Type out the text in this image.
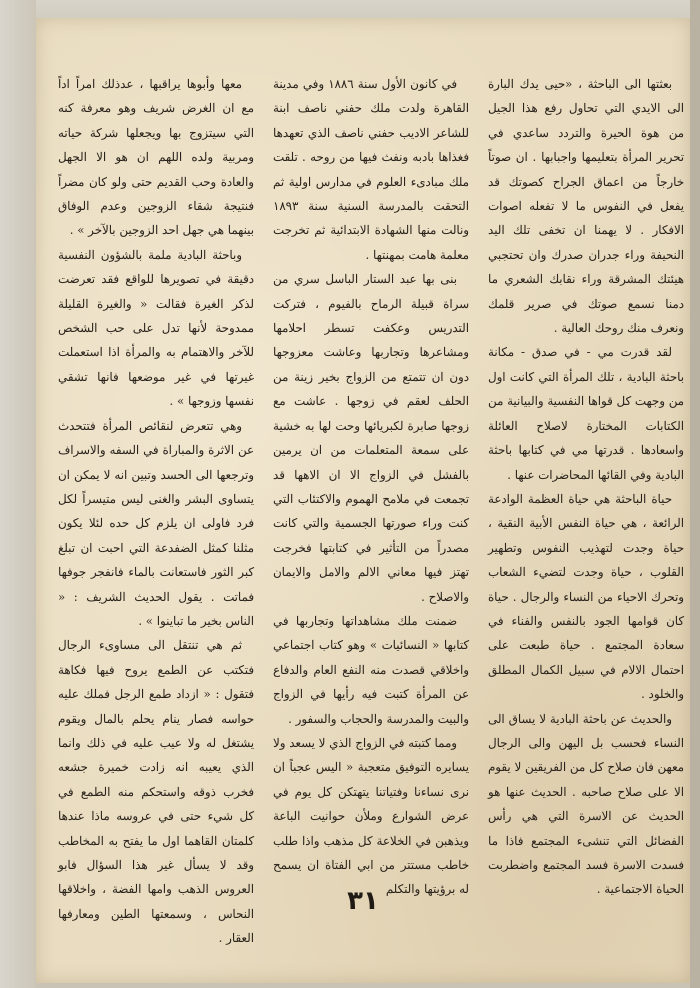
بعثتها الى الباحثة ، «حيى يدك البارة الى الايدي التي تحاول رفع هذا الجيل من هوة الحيرة والتردد ساعدي في تحرير المرأة بتعليمها واجبابها . ان صوتاً خارجاً من اعماق الجراح كصوتك قد يفعل في النفوس ما لا تفعله اصوات الافكار . لا يهمنا ان تخفى تلك اليد النحيفة وراء جدران صدرك وان تحتجبي هيئتك المشرقة وراء نقابك الشعري ما دمنا نسمع صوتك في صرير قلمك ونعرف منك روحك العالية .

لقد قدرت مي - في صدق - مكانة باحثة البادية ، تلك المرأة التي كانت اول من وجهت كل قواها النفسية والبيانية من الكتابات المختارة لاصلاح العائلة واسعادها . قدرتها مي في كتابها باحثة البادية وفي القائها المحاضرات عنها .

حياة الباحثة هي حياة العظمة الوادعة الرائعة ، هي حياة النفس الأبية النقية ، حياة وجدت لتهذيب النفوس وتطهير القلوب ، حياة وجدت لتضيء الشعاب وتحرك الاحياء من النساء والرجال . حياة كان قوامها الجود بالنفس والفناء في سعادة المجتمع . حياة طبعت على احتمال الالام في سبيل الكمال المطلق والخلود .

والحديث عن باحثة البادية لا يساق الى النساء فحسب بل اليهن والى الرجال معهن فان صلاح كل من الفريقين لا يقوم الا على صلاح صاحبه . الحديث عنها هو الحديث عن الاسرة التي هي رأس الفضائل التي تنشىء المجتمع فاذا ما فسدت الاسرة فسد المجتمع واضطربت الحياة الاجتماعية .

في كانون الأول سنة ١٨٨٦ وفي مدينة القاهرة ولدت ملك حفني ناصف ابنة للشاعر الاديب حفني ناصف الذي تعهدها فغذاها بادبه ونفث فيها من روحه . تلقت ملك مبادىء العلوم في مدارس اولية ثم التحقت بالمدرسة السنية سنة ١٨٩٣ ونالت منها الشهادة الابتدائية ثم تخرجت معلمة هامت بمهنتها .

بنى بها عبد الستار الباسل سري من سراة قبيلة الرماح بالفيوم ، فتركت التدريس وعكفت تسطر احلامها ومشاعرها وتجاربها وعاشت معزوجها دون ان تتمتع من الزواج بخير زينة من الحلف لعقم في زوجها . عاشت مع زوجها صابرة لكبريائها وحت لها به خشية على سمعة المتعلمات من ان يرمين بالفشل في الزواج الا ان الاهها قد تجمعت في ملامح الهموم والاكتئاب التي كنت وراء صورتها الجسمية والتي كانت مصدراً من التأثير في كتابتها فخرجت تهتز فيها معاني الالم والامل والايمان والاصلاح .

ضمنت ملك مشاهداتها وتجاربها في كتابها « النسائيات » وهو كتاب اجتماعي واخلاقي قصدت منه النفع العام والدفاع عن المرأة كتبت فيه رأيها في الزواج والبيت والمدرسة والحجاب والسفور .

ومما كتبته في الزواج الذي لا يسعد ولا يسايره التوفيق متعجبة « اليس عجباً ان نرى نساءنا وفتياتنا يتهتكن كل يوم في عرض الشوارع وملأن حوانيت الباعة ويذهبن في الخلاعة كل مذهب واذا طلب خاطب مستتر من ابي الفتاة ان يسمح له برؤيتها والتكلم

معها وأبوها يراقبها ، عدذلك امراً اداً مع ان الغرض شريف وهو معرفة كنه التي سيتزوج بها ويجعلها شركة حياته ومربية ولده اللهم ان هو الا الجهل والعادة وحب القديم حتى ولو كان مضراً فنتيجة شقاء الزوجين وعدم الوفاق بينهما هي جهل احد الزوجين بالآخر » .

وباحثة البادية ملمة بالشؤون النفسية دقيقة في تصويرها للواقع فقد تعرضت لذكر الغيرة فقالت « والغيرة القليلة ممدوحة لأنها تدل على حب الشخص للآخر والاهتمام به والمرأة اذا استعملت غيرتها في غير موضعها فانها تشقي نفسها وزوجها » .

وهي تتعرض لنقائص المرأة فتتحدث عن الاثرة والمباراة في السفه والاسراف وترجعها الى الحسد وتبين انه لا يمكن ان يتساوى البشر والغنى ليس متيسراً لكل فرد فاولى ان يلزم كل حده لئلا يكون مثلنا كمثل الضفدعة التي احبت ان تبلغ كبر الثور فاستعانت بالماء فانفجر جوفها فماتت . يقول الحديث الشريف : « الناس بخير ما تباينوا » .

ثم هي تنتقل الى مساوىء الرجال فتكتب عن الطمع يروح فيها فكاهة فتقول : « ازداد طمع الرجل فملك عليه حواسه فصار ينام يحلم بالمال ويقوم يشتغل له ولا عيب عليه في ذلك وانما الذي يعيبه انه زادت خميرة جشعه فخرب ذوقه واستحكم منه الطمع في كل شيء حتى في عروسه ماذا عندها كلمتان القاهما اول ما يفتح به المخاطب وقد لا يسأل غير هذا السؤال فابو العروس الذهب وامها الفضة ، واخلاقها النحاس ، وسمعتها الطين ومعارفها العقار .

٣١
